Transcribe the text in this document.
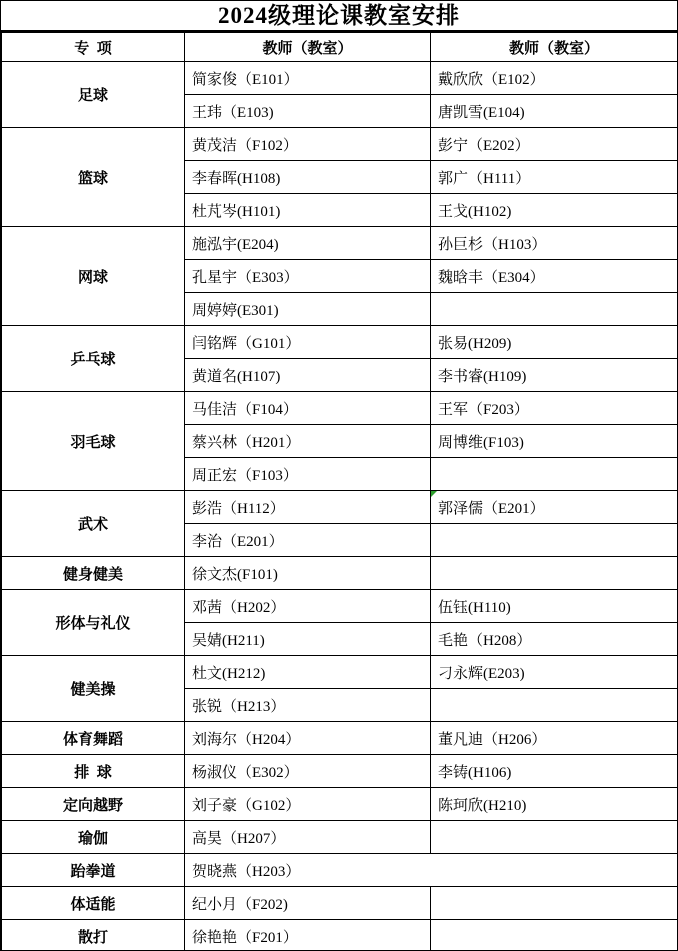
2024级理论课教室安排
专  项	教师（教室）	教师（教室）
足球	简家俊（E101）	戴欣欣（E102）
	王玮（E103)	唐凯雪(E104)
篮球	黄茂洁（F102）	彭宁（E202）
	李春晖(H108)	郭广（H111）
	杜芃岑(H101)	王戈(H102)
网球	施泓宇(E204)	孙巨杉（H103）
	孔星宇（E303）	魏晗丰（E304）
	周婷婷(E301)	
乒乓球	闫铭辉（G101）	张易(H209)
	黄道名(H107)	李书睿(H109)
羽毛球	马佳洁（F104）	王军（F203）
	蔡兴林（H201）	周博维(F103)
	周正宏（F103）	
武术	彭浩（H112）	郭泽儒（E201）
	李治（E201）	
健身健美	徐文杰(F101)	
形体与礼仪	邓茜（H202）	伍钰(H110)
	吴婧(H211)	毛艳（H208）
健美操	杜文(H212)	刁永辉(E203)
	张锐（H213）	
体育舞蹈	刘海尔（H204）	董凡迪（H206）
排  球	杨淑仪（E302）	李铸(H106)
定向越野	刘子豪（G102）	陈珂欣(H210)
瑜伽	高昊（H207）	
跆拳道	贺晓燕（H203）	
体适能	纪小月（F202)	
散打	徐艳艳（F201）	
